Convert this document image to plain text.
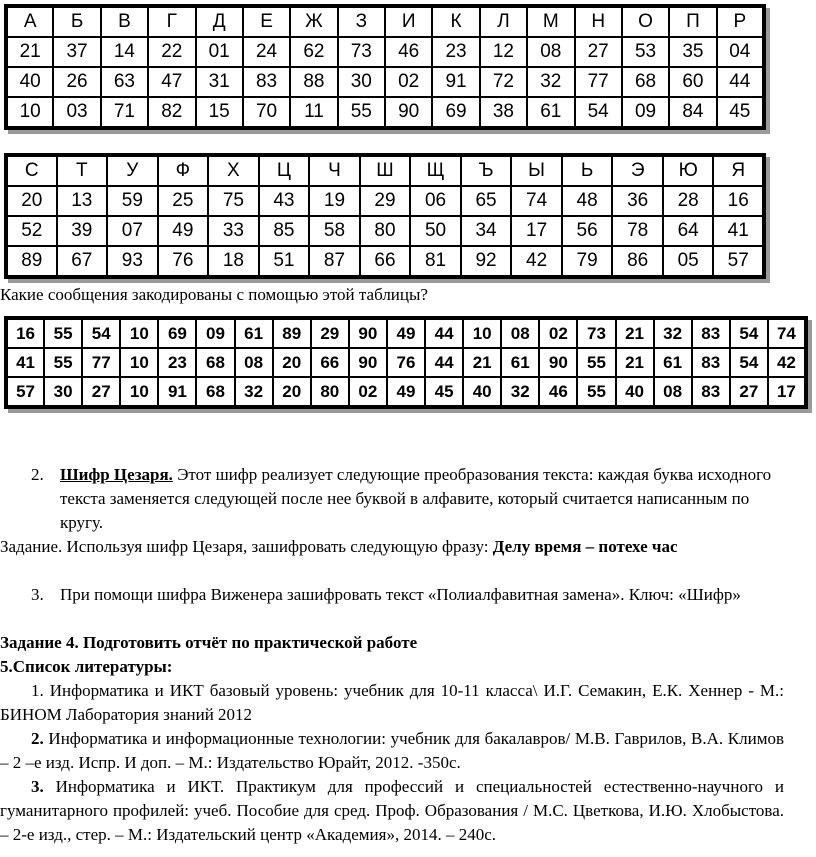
А	Б	В	Г	Д	Е	Ж	З	И	К	Л	М	Н	О	П	Р
21	37	14	22	01	24	62	73	46	23	12	08	27	53	35	04
40	26	63	47	31	83	88	30	02	91	72	32	77	68	60	44
10	03	71	82	15	70	11	55	90	69	38	61	54	09	84	45
С	Т	У	Ф	Х	Ц	Ч	Ш	Щ	Ъ	Ы	Ь	Э	Ю	Я
20	13	59	25	75	43	19	29	06	65	74	48	36	28	16
52	39	07	49	33	85	58	80	50	34	17	56	78	64	41
89	67	93	76	18	51	87	66	81	92	42	79	86	05	57
Какие сообщения закодированы с помощью этой таблицы?
16	55	54	10	69	09	61	89	29	90	49	44	10	08	02	73	21	32	83	54	74
41	55	77	10	23	68	08	20	66	90	76	44	21	61	90	55	21	61	83	54	42
57	30	27	10	91	68	32	20	80	02	49	45	40	32	46	55	40	08	83	27	17
2. Шифр Цезаря. Этот шифр реализует следующие преобразования текста: каждая буква исходного текста заменяется следующей после нее буквой в алфавите, который считается написанным по кругу.
Задание. Используя шифр Цезаря, зашифровать следующую фразу: Делу время – потехе час
3. При помощи шифра Виженера зашифровать текст «Полиалфавитная замена». Ключ: «Шифр»
Задание 4. Подготовить отчёт по практической работе
5.Список литературы:
1. Информатика и ИКТ базовый уровень: учебник для 10-11 класса\ И.Г. Семакин, Е.К. Хеннер - М.: БИНОМ Лаборатория знаний 2012
2. Информатика и информационные технологии: учебник для бакалавров/ М.В. Гаврилов, В.А. Климов – 2 –е изд. Испр. И доп. – М.: Издательство Юрайт, 2012. -350с.
3. Информатика и ИКТ. Практикум для профессий и специальностей естественно-научного и гуманитарного профилей: учеб. Пособие для сред. Проф. Образования / М.С. Цветкова, И.Ю. Хлобыстова. – 2-е изд., стер. – М.: Издательский центр «Академия», 2014. – 240с.
